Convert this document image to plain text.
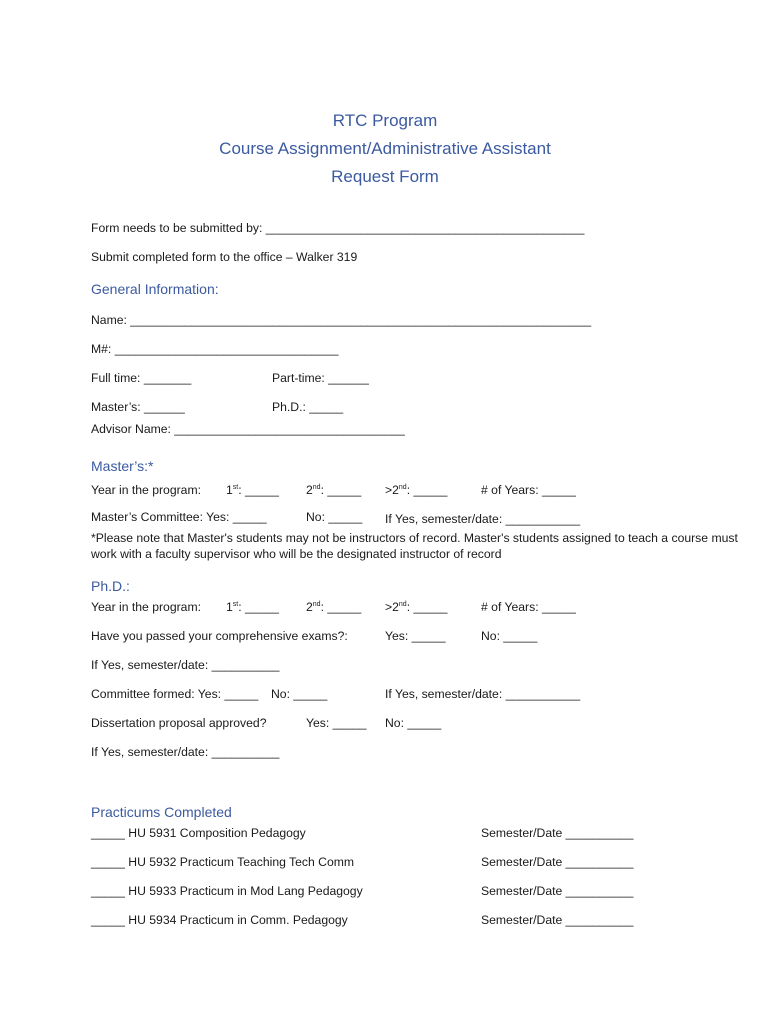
RTC Program
Course Assignment/Administrative Assistant
Request Form
Form needs to be submitted by: _______________________________________________
Submit completed form to the office – Walker 319
General Information:
Name: ____________________________________________________________________
M#: _________________________________
Full time: _______	Part-time: ______
Master’s: ______	Ph.D.: _____
Advisor Name: __________________________________
Master’s:*
Year in the program: 1st: _____ 2nd: _____ >2nd: _____	# of Years: _____
Master’s Committee: Yes: _____	No: _____ If Yes, semester/date: ___________
*Please note that Master's students may not be instructors of record. Master's students assigned to teach a course must work with a faculty supervisor who will be the designated instructor of record
Ph.D.:
Year in the program: 1st: _____ 2nd: _____ >2nd: _____	# of Years: _____
Have you passed your comprehensive exams?:	Yes: _____	No: _____
If Yes, semester/date: __________
Committee formed: Yes: _____ No: _____	If Yes, semester/date: ___________
Dissertation proposal approved?	Yes: _____ No: _____
If Yes, semester/date: __________
Practicums Completed
_____ HU 5931 Composition Pedagogy	Semester/Date __________
_____ HU 5932 Practicum Teaching Tech Comm	Semester/Date __________
_____ HU 5933 Practicum in Mod Lang Pedagogy	Semester/Date __________
_____ HU 5934 Practicum in Comm. Pedagogy	Semester/Date __________
